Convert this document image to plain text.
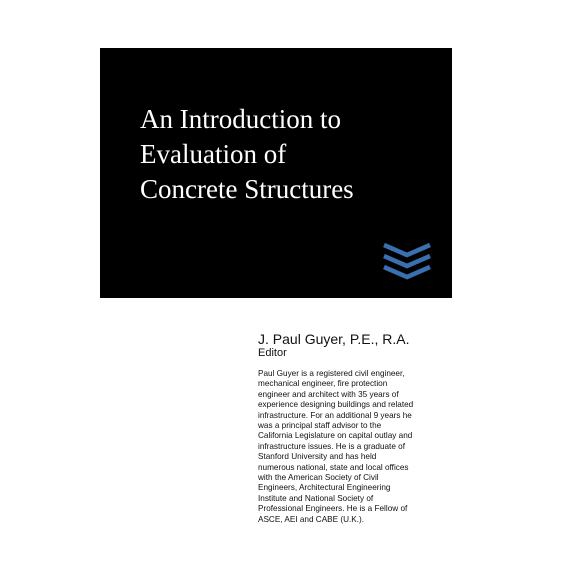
An Introduction to
Evaluation of
Concrete Structures

J. Paul Guyer, P.E., R.A.

Editor

Paul Guyer is a registered civil engineer,
mechanical engineer, fire protection
engineer and architect with 35 years of
experience designing buildings and related
infrastructure. For an additional 9 years he
was a principal staff advisor to the
California Legislature on capital outlay and
infrastructure issues. He is a graduate of
Stanford University and has held
numerous national, state and local offices
with the American Society of Civil
Engineers, Architectural Engineering
Institute and National Society of
Professional Engineers. He is a Fellow of
ASCE, AEI and CABE (U.K.).
